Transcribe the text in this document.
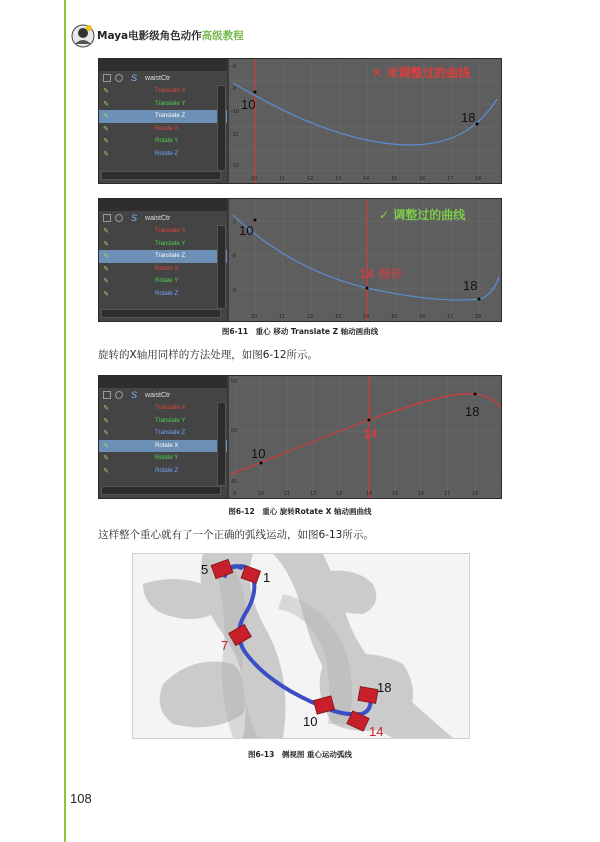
Maya电影级角色动作高级教程
S waistCtr
✎	Translate X
✎	Translate Y
✎	Translate Z
✎	Rotate X
✎	Rotate Y
✎	Rotate Z
-8
-9
-10
-11
-12
10	11	12	13	14	15	16	17	18
✕ 未调整过的曲线
10
18
S waistCtr
✎	Translate X
✎	Translate Y
✎	Translate Z
✎	Rotate X
✎	Rotate Y
✎	Rotate Z
-7
-8
-9
10	11	12	13	14	15	16	17	18
✓ 调整过的曲线
10
14 慢停
18
图6-11　重心 移动 Translate Z 轴动画曲线
旋转的X轴用同样的方法处理，如图6-12所示。
S waistCtr
✎	Translate X
✎	Translate Y
✎	Translate Z
✎	Rotate X
✎	Rotate Y
✎	Rotate Z
60
50
40
9	10	11	12	13	14	15	16	17	18
10
14
18
图6-12　重心 旋转Rotate X 轴动画曲线
这样整个重心就有了一个正确的弧线运动，如图6-13所示。
5
1
7
18
10
14
图6-13　侧视图 重心运动弧线
108
